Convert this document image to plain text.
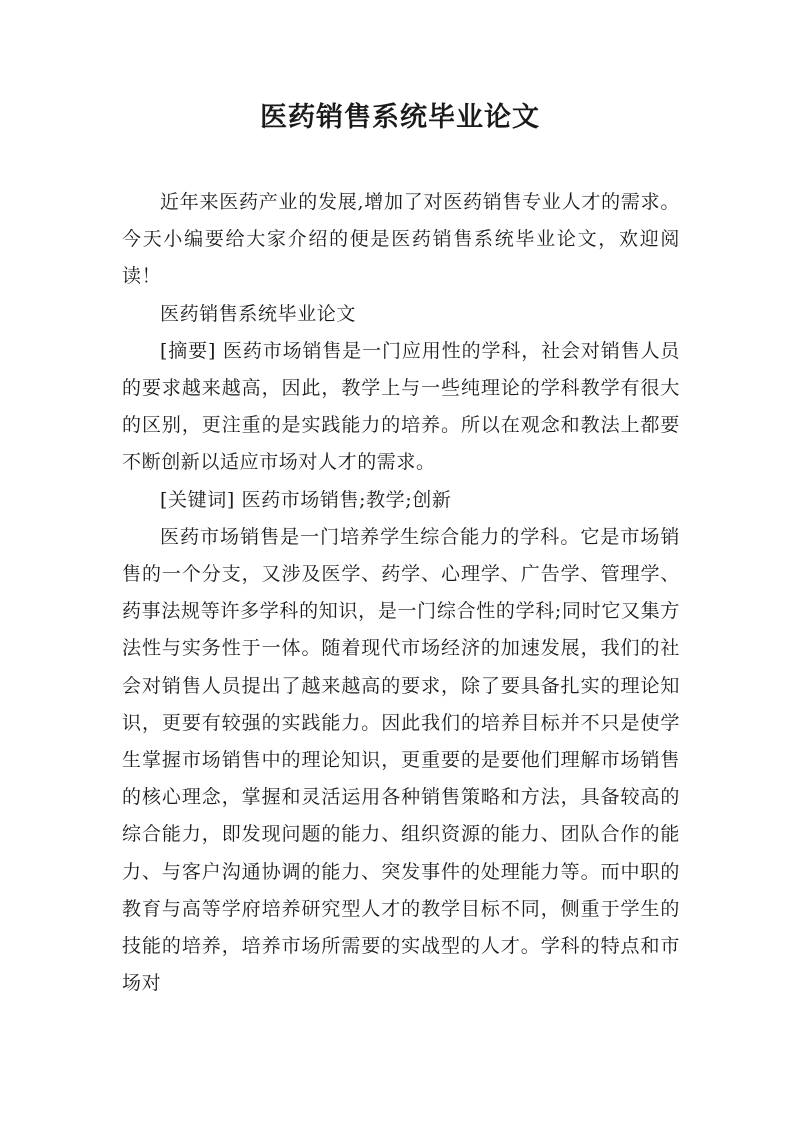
医药销售系统毕业论文

近年来医药产业的发展,增加了对医药销售专业人才的需求。今天小编要给大家介绍的便是医药销售系统毕业论文，欢迎阅读！

医药销售系统毕业论文

[摘要] 医药市场销售是一门应用性的学科，社会对销售人员的要求越来越高，因此，教学上与一些纯理论的学科教学有很大的区别，更注重的是实践能力的培养。所以在观念和教法上都要不断创新以适应市场对人才的需求。

[关键词] 医药市场销售;教学;创新

医药市场销售是一门培养学生综合能力的学科。它是市场销售的一个分支，又涉及医学、药学、心理学、广告学、管理学、药事法规等许多学科的知识，是一门综合性的学科;同时它又集方法性与实务性于一体。随着现代市场经济的加速发展，我们的社会对销售人员提出了越来越高的要求，除了要具备扎实的理论知识，更要有较强的实践能力。因此我们的培养目标并不只是使学生掌握市场销售中的理论知识，更重要的是要他们理解市场销售的核心理念，掌握和灵活运用各种销售策略和方法，具备较高的综合能力，即发现问题的能力、组织资源的能力、团队合作的能力、与客户沟通协调的能力、突发事件的处理能力等。而中职的教育与高等学府培养研究型人才的教学目标不同，侧重于学生的技能的培养，培养市场所需要的实战型的人才。学科的特点和市场对
